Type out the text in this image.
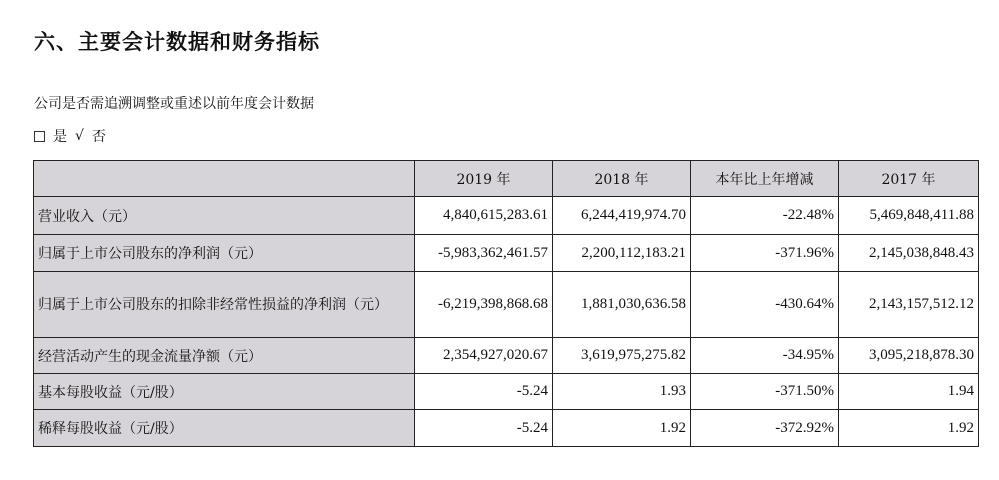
六、主要会计数据和财务指标
公司是否需追溯调整或重述以前年度会计数据
是 √ 否
	2019 年	2018 年	本年比上年增减	2017 年
营业收入（元）	4,840,615,283.61	6,244,419,974.70	-22.48%	5,469,848,411.88
归属于上市公司股东的净利润（元）	-5,983,362,461.57	2,200,112,183.21	-371.96%	2,145,038,848.43
归属于上市公司股东的扣除非经常性损益的净利润（元）	-6,219,398,868.68	1,881,030,636.58	-430.64%	2,143,157,512.12
经营活动产生的现金流量净额（元）	2,354,927,020.67	3,619,975,275.82	-34.95%	3,095,218,878.30
基本每股收益（元/股）	-5.24	1.93	-371.50%	1.94
稀释每股收益（元/股）	-5.24	1.92	-372.92%	1.92
